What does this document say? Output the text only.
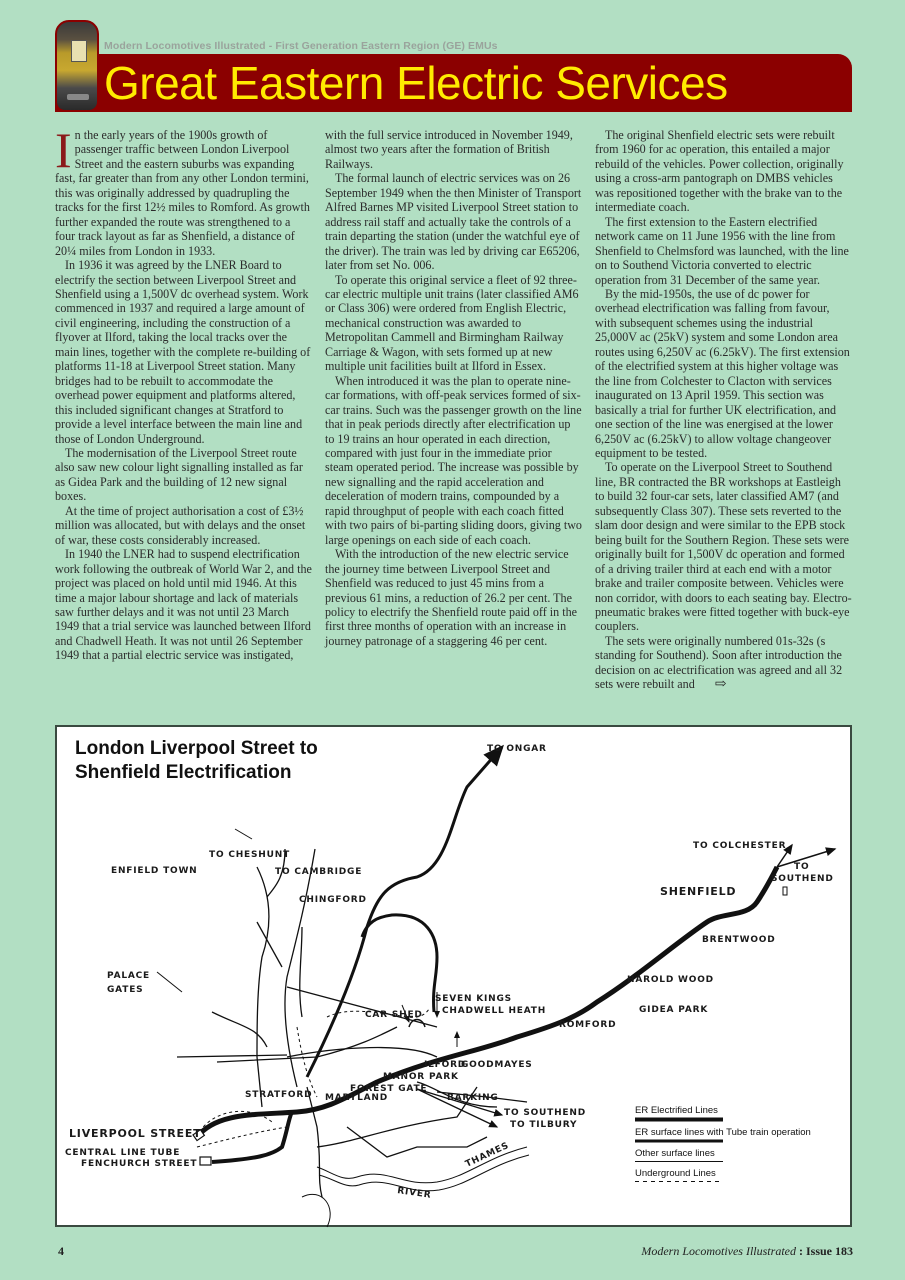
Modern Locomotives Illustrated - First Generation Eastern Region (GE) EMUs
Great Eastern Electric Services

In the early years of the 1900s growth of passenger traffic between London Liverpool Street and the eastern suburbs was expanding fast, far greater than from any other London termini, this was originally addressed by quadrupling the tracks for the first 12½ miles to Romford. As growth further expanded the route was strengthened to a four track layout as far as Shenfield, a distance of 20¼ miles from London in 1933.

In 1936 it was agreed by the LNER Board to electrify the section between Liverpool Street and Shenfield using a 1,500V dc overhead system. Work commenced in 1937 and required a large amount of civil engineering, including the construction of a flyover at Ilford, taking the local tracks over the main lines, together with the complete re-building of platforms 11-18 at Liverpool Street station. Many bridges had to be rebuilt to accommodate the overhead power equipment and platforms altered, this included significant changes at Stratford to provide a level interface between the main line and those of London Underground.

The modernisation of the Liverpool Street route also saw new colour light signalling installed as far as Gidea Park and the building of 12 new signal boxes.

At the time of project authorisation a cost of £3½ million was allocated, but with delays and the onset of war, these costs considerably increased.

In 1940 the LNER had to suspend electrification work following the outbreak of World War 2, and the project was placed on hold until mid 1946. At this time a major labour shortage and lack of materials saw further delays and it was not until 23 March 1949 that a trial service was launched between Ilford and Chadwell Heath. It was not until 26 September 1949 that a partial electric service was instigated,

with the full service introduced in November 1949, almost two years after the formation of British Railways.

The formal launch of electric services was on 26 September 1949 when the then Minister of Transport Alfred Barnes MP visited Liverpool Street station to address rail staff and actually take the controls of a train departing the station (under the watchful eye of the driver). The train was led by driving car E65206, later from set No. 006.

To operate this original service a fleet of 92 three-car electric multiple unit trains (later classified AM6 or Class 306) were ordered from English Electric, mechanical construction was awarded to Metropolitan Cammell and Birmingham Railway Carriage & Wagon, with sets formed up at new multiple unit facilities built at Ilford in Essex.

When introduced it was the plan to operate nine-car formations, with off-peak services formed of six-car trains. Such was the passenger growth on the line that in peak periods directly after electrification up to 19 trains an hour operated in each direction, compared with just four in the immediate prior steam operated period. The increase was possible by new signalling and the rapid acceleration and deceleration of modern trains, compounded by a rapid throughput of people with each coach fitted with two pairs of bi-parting sliding doors, giving two large openings on each side of each coach.

With the introduction of the new electric service the journey time between Liverpool Street and Shenfield was reduced to just 45 mins from a previous 61 mins, a reduction of 26.2 per cent. The policy to electrify the Shenfield route paid off in the first three months of operation with an increase in journey patronage of a staggering 46 per cent.

The original Shenfield electric sets were rebuilt from 1960 for ac operation, this entailed a major rebuild of the vehicles. Power collection, originally using a cross-arm pantograph on DMBS vehicles was repositioned together with the brake van to the intermediate coach.

The first extension to the Eastern electrified network came on 11 June 1956 with the line from Shenfield to Chelmsford was launched, with the line on to Southend Victoria converted to electric operation from 31 December of the same year.

By the mid-1950s, the use of dc power for overhead electrification was falling from favour, with subsequent schemes using the industrial 25,000V ac (25kV) system and some London area routes using 6,250V ac (6.25kV). The first extension of the electrified system at this higher voltage was the line from Colchester to Clacton with services inaugurated on 13 April 1959. This section was basically a trial for further UK electrification, and one section of the line was energised at the lower 6,250V ac (6.25kV) to allow voltage changeover equipment to be tested.

To operate on the Liverpool Street to Southend line, BR contracted the BR workshops at Eastleigh to build 32 four-car sets, later classified AM7 (and subsequently Class 307). These sets reverted to the slam door design and were similar to the EPB stock being built for the Southern Region. These sets were originally built for 1,500V dc operation and formed of a driving trailer third at each end with a motor brake and trailer composite between. Vehicles were non corridor, with doors to each seating bay. Electro-pneumatic brakes were fitted together with buck-eye couplers.

The sets were originally numbered 01s-32s (s standing for Southend). Soon after introduction the decision on ac electrification was agreed and all 32 sets were rebuilt and ⇨

London Liverpool Street to
Shenfield Electrification
TO ONGAR
TO CHESHUNT
ENFIELD TOWN	TO CAMBRIDGE
CHINGFORD
TO COLCHESTER
TO
SOUTHEND
SHENFIELD
BRENTWOOD
HAROLD WOOD
PALACE
GATES
SEVEN KINGS
CHADWELL HEATH	GIDEA PARK
CAR SHED
ROMFORD
ILFORD
GOODMAYES
MANOR PARK
FOREST GATE
STRATFORD MARYLAND	BARKING
TO SOUTHEND
TO TILBURY
LIVERPOOL STREET
CENTRAL LINE TUBE
FENCHURCH STREET
RIVER
THAMES
ER Electrified Lines
ER surface lines with Tube train operation
Other surface lines
Underground Lines
4	Modern Locomotives Illustrated : Issue 183
